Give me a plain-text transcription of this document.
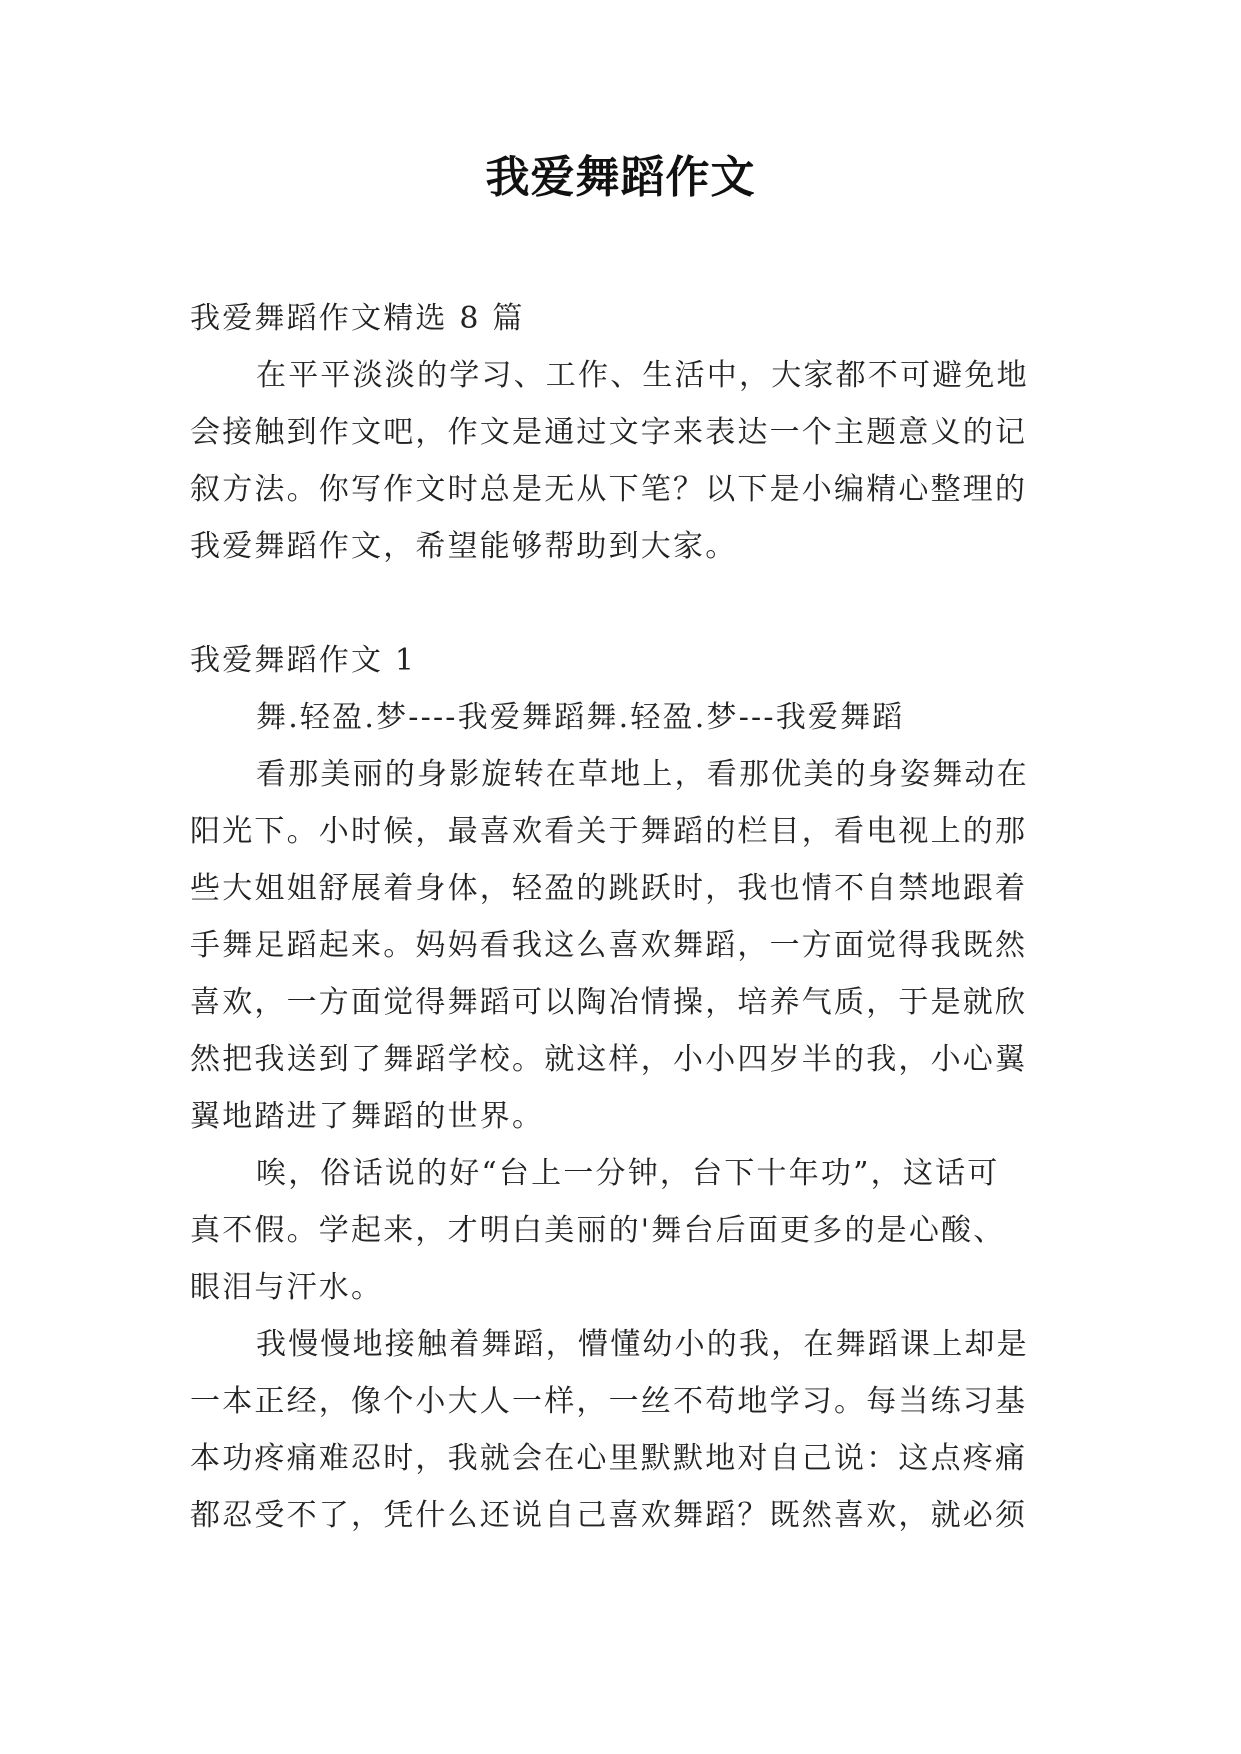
我爱舞蹈作文
我爱舞蹈作文精选 8 篇
在平平淡淡的学习、工作、生活中，大家都不可避免地
会接触到作文吧，作文是通过文字来表达一个主题意义的记
叙方法。你写作文时总是无从下笔？以下是小编精心整理的
我爱舞蹈作文，希望能够帮助到大家。
我爱舞蹈作文 1
舞.轻盈.梦----我爱舞蹈舞.轻盈.梦---我爱舞蹈
看那美丽的身影旋转在草地上，看那优美的身姿舞动在
阳光下。小时候，最喜欢看关于舞蹈的栏目，看电视上的那
些大姐姐舒展着身体，轻盈的跳跃时，我也情不自禁地跟着
手舞足蹈起来。妈妈看我这么喜欢舞蹈，一方面觉得我既然
喜欢，一方面觉得舞蹈可以陶冶情操，培养气质，于是就欣
然把我送到了舞蹈学校。就这样，小小四岁半的我，小心翼
翼地踏进了舞蹈的世界。
唉，俗话说的好“台上一分钟，台下十年功”，这话可
真不假。学起来，才明白美丽的'舞台后面更多的是心酸、
眼泪与汗水。
我慢慢地接触着舞蹈，懵懂幼小的我，在舞蹈课上却是
一本正经，像个小大人一样，一丝不苟地学习。每当练习基
本功疼痛难忍时，我就会在心里默默地对自己说：这点疼痛
都忍受不了，凭什么还说自己喜欢舞蹈？既然喜欢，就必须
